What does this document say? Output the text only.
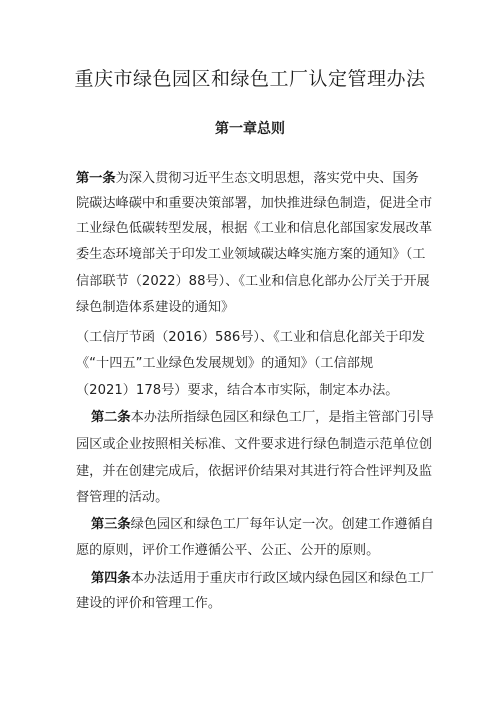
重庆市绿色园区和绿色工厂认定管理办法
第一章总则
第一条为深入贯彻习近平生态文明思想，落实党中央、国务
院碳达峰碳中和重要决策部署，加快推进绿色制造，促进全市
工业绿色低碳转型发展，根据《工业和信息化部国家发展改革
委生态环境部关于印发工业领域碳达峰实施方案的通知》（工
信部联节（2022）88号）、《工业和信息化部办公厅关于开展
绿色制造体系建设的通知》
（工信厅节函（2016）586号）、《工业和信息化部关于印发
《“十四五”工业绿色发展规划》的通知》（工信部规
（2021）178号）要求，结合本市实际，制定本办法。
第二条本办法所指绿色园区和绿色工厂，是指主管部门引导
园区或企业按照相关标准、文件要求进行绿色制造示范单位创
建，并在创建完成后，依据评价结果对其进行符合性评判及监
督管理的活动。
第三条绿色园区和绿色工厂每年认定一次。创建工作遵循自
愿的原则，评价工作遵循公平、公正、公开的原则。
第四条本办法适用于重庆市行政区域内绿色园区和绿色工厂
建设的评价和管理工作。
